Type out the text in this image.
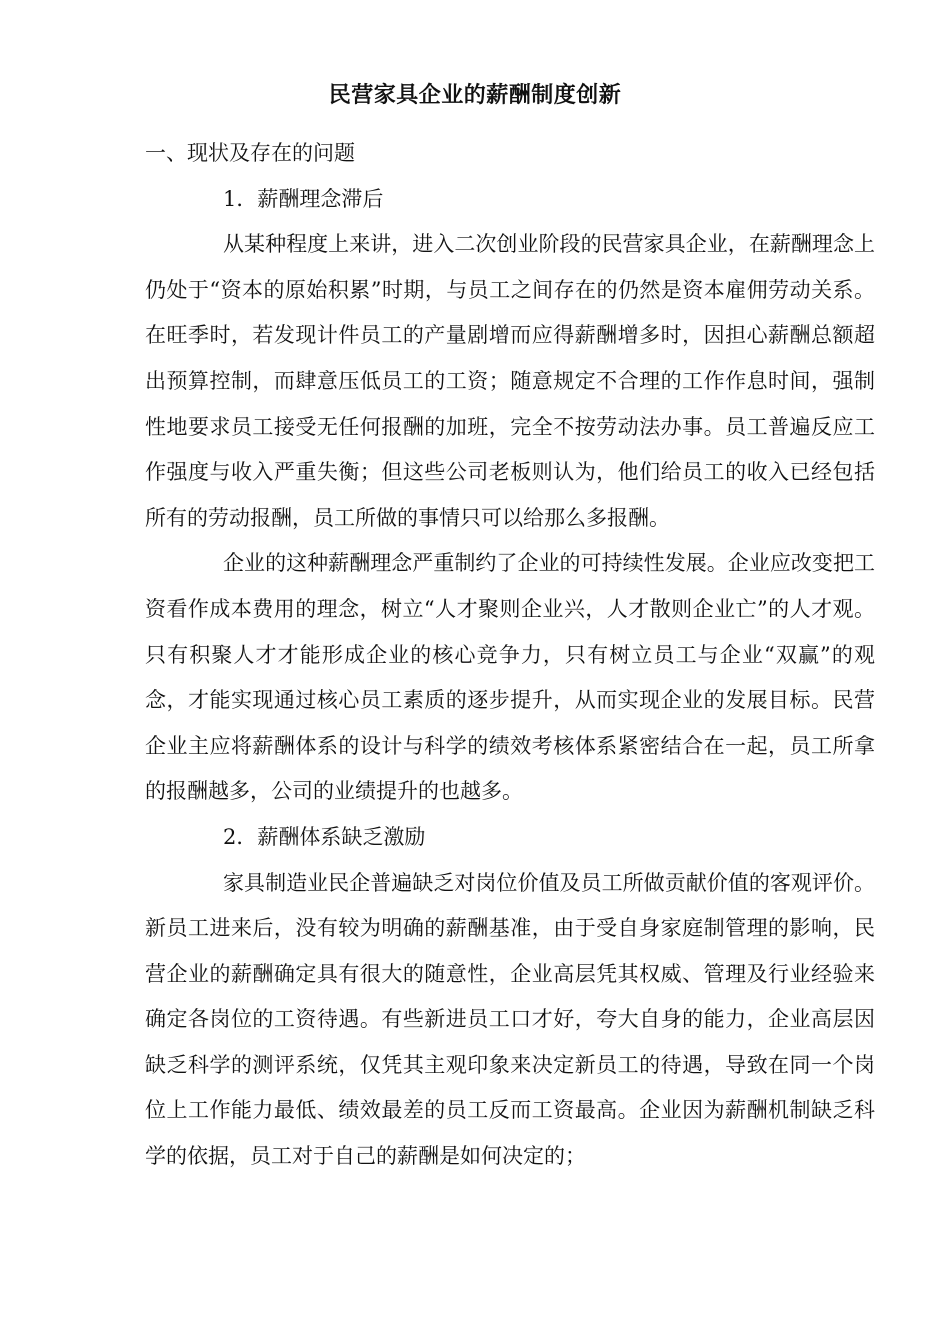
民营家具企业的薪酬制度创新

一、现状及存在的问题

1．薪酬理念滞后

从某种程度上来讲，进入二次创业阶段的民营家具企业，在薪酬理念上仍处于“资本的原始积累”时期，与员工之间存在的仍然是资本雇佣劳动关系。在旺季时，若发现计件员工的产量剧增而应得薪酬增多时，因担心薪酬总额超出预算控制，而肆意压低员工的工资；随意规定不合理的工作作息时间，强制性地要求员工接受无任何报酬的加班，完全不按劳动法办事。员工普遍反应工作强度与收入严重失衡；但这些公司老板则认为，他们给员工的收入已经包括所有的劳动报酬，员工所做的事情只可以给那么多报酬。

企业的这种薪酬理念严重制约了企业的可持续性发展。企业应改变把工资看作成本费用的理念，树立“人才聚则企业兴，人才散则企业亡”的人才观。只有积聚人才才能形成企业的核心竞争力，只有树立员工与企业“双赢”的观念，才能实现通过核心员工素质的逐步提升，从而实现企业的发展目标。民营企业主应将薪酬体系的设计与科学的绩效考核体系紧密结合在一起，员工所拿的报酬越多，公司的业绩提升的也越多。

2．薪酬体系缺乏激励

家具制造业民企普遍缺乏对岗位价值及员工所做贡献价值的客观评价。新员工进来后，没有较为明确的薪酬基准，由于受自身家庭制管理的影响，民营企业的薪酬确定具有很大的随意性，企业高层凭其权威、管理及行业经验来确定各岗位的工资待遇。有些新进员工口才好，夸大自身的能力，企业高层因缺乏科学的测评系统，仅凭其主观印象来决定新员工的待遇，导致在同一个岗位上工作能力最低、绩效最差的员工反而工资最高。企业因为薪酬机制缺乏科学的依据，员工对于自己的薪酬是如何决定的；
